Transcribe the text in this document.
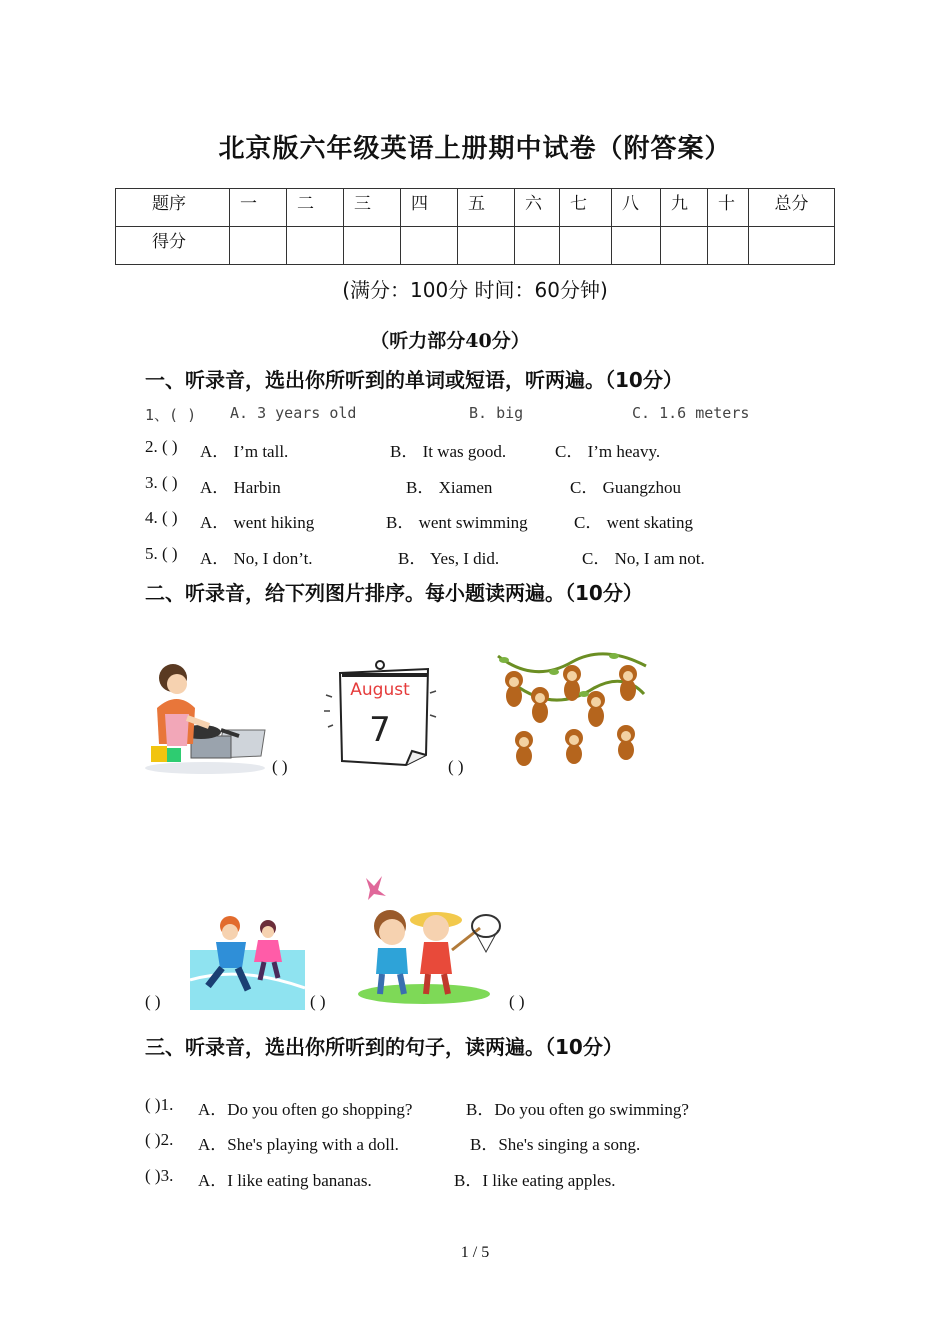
北京版六年级英语上册期中试卷（附答案）
题序	一	二	三	四	五	六	七	八	九	十	总分
得分											
(满分：100分 时间：60分钟)
（听力部分40分）
一、听录音，选出你所听到的单词或短语，听两遍。（10分）
1、( ) A. 3 years old	B. big	C. 1.6 meters
2. ( ) A． I’m tall.	B． It was good.	C． I’m heavy.
3. ( ) A． Harbin	B． Xiamen	C． Guangzhou
4. ( ) A． went hiking	B． went swimming	C． went skating
5. ( ) A． No, I don’t.	B． Yes, I did.	C． No, I am not.
二、听录音，给下列图片排序。每小题读两遍。（10分）
( )
August
7
( )
( )	( )	( )
三、听录音，选出你所听到的句子，读两遍。（10分）
( )1. A．Do you often go shopping?	B．Do you often go swimming?
( )2. A．She's playing with a doll.	B．She's singing a song.
( )3. A．I like eating bananas.	B．I like eating apples.
1 / 5
